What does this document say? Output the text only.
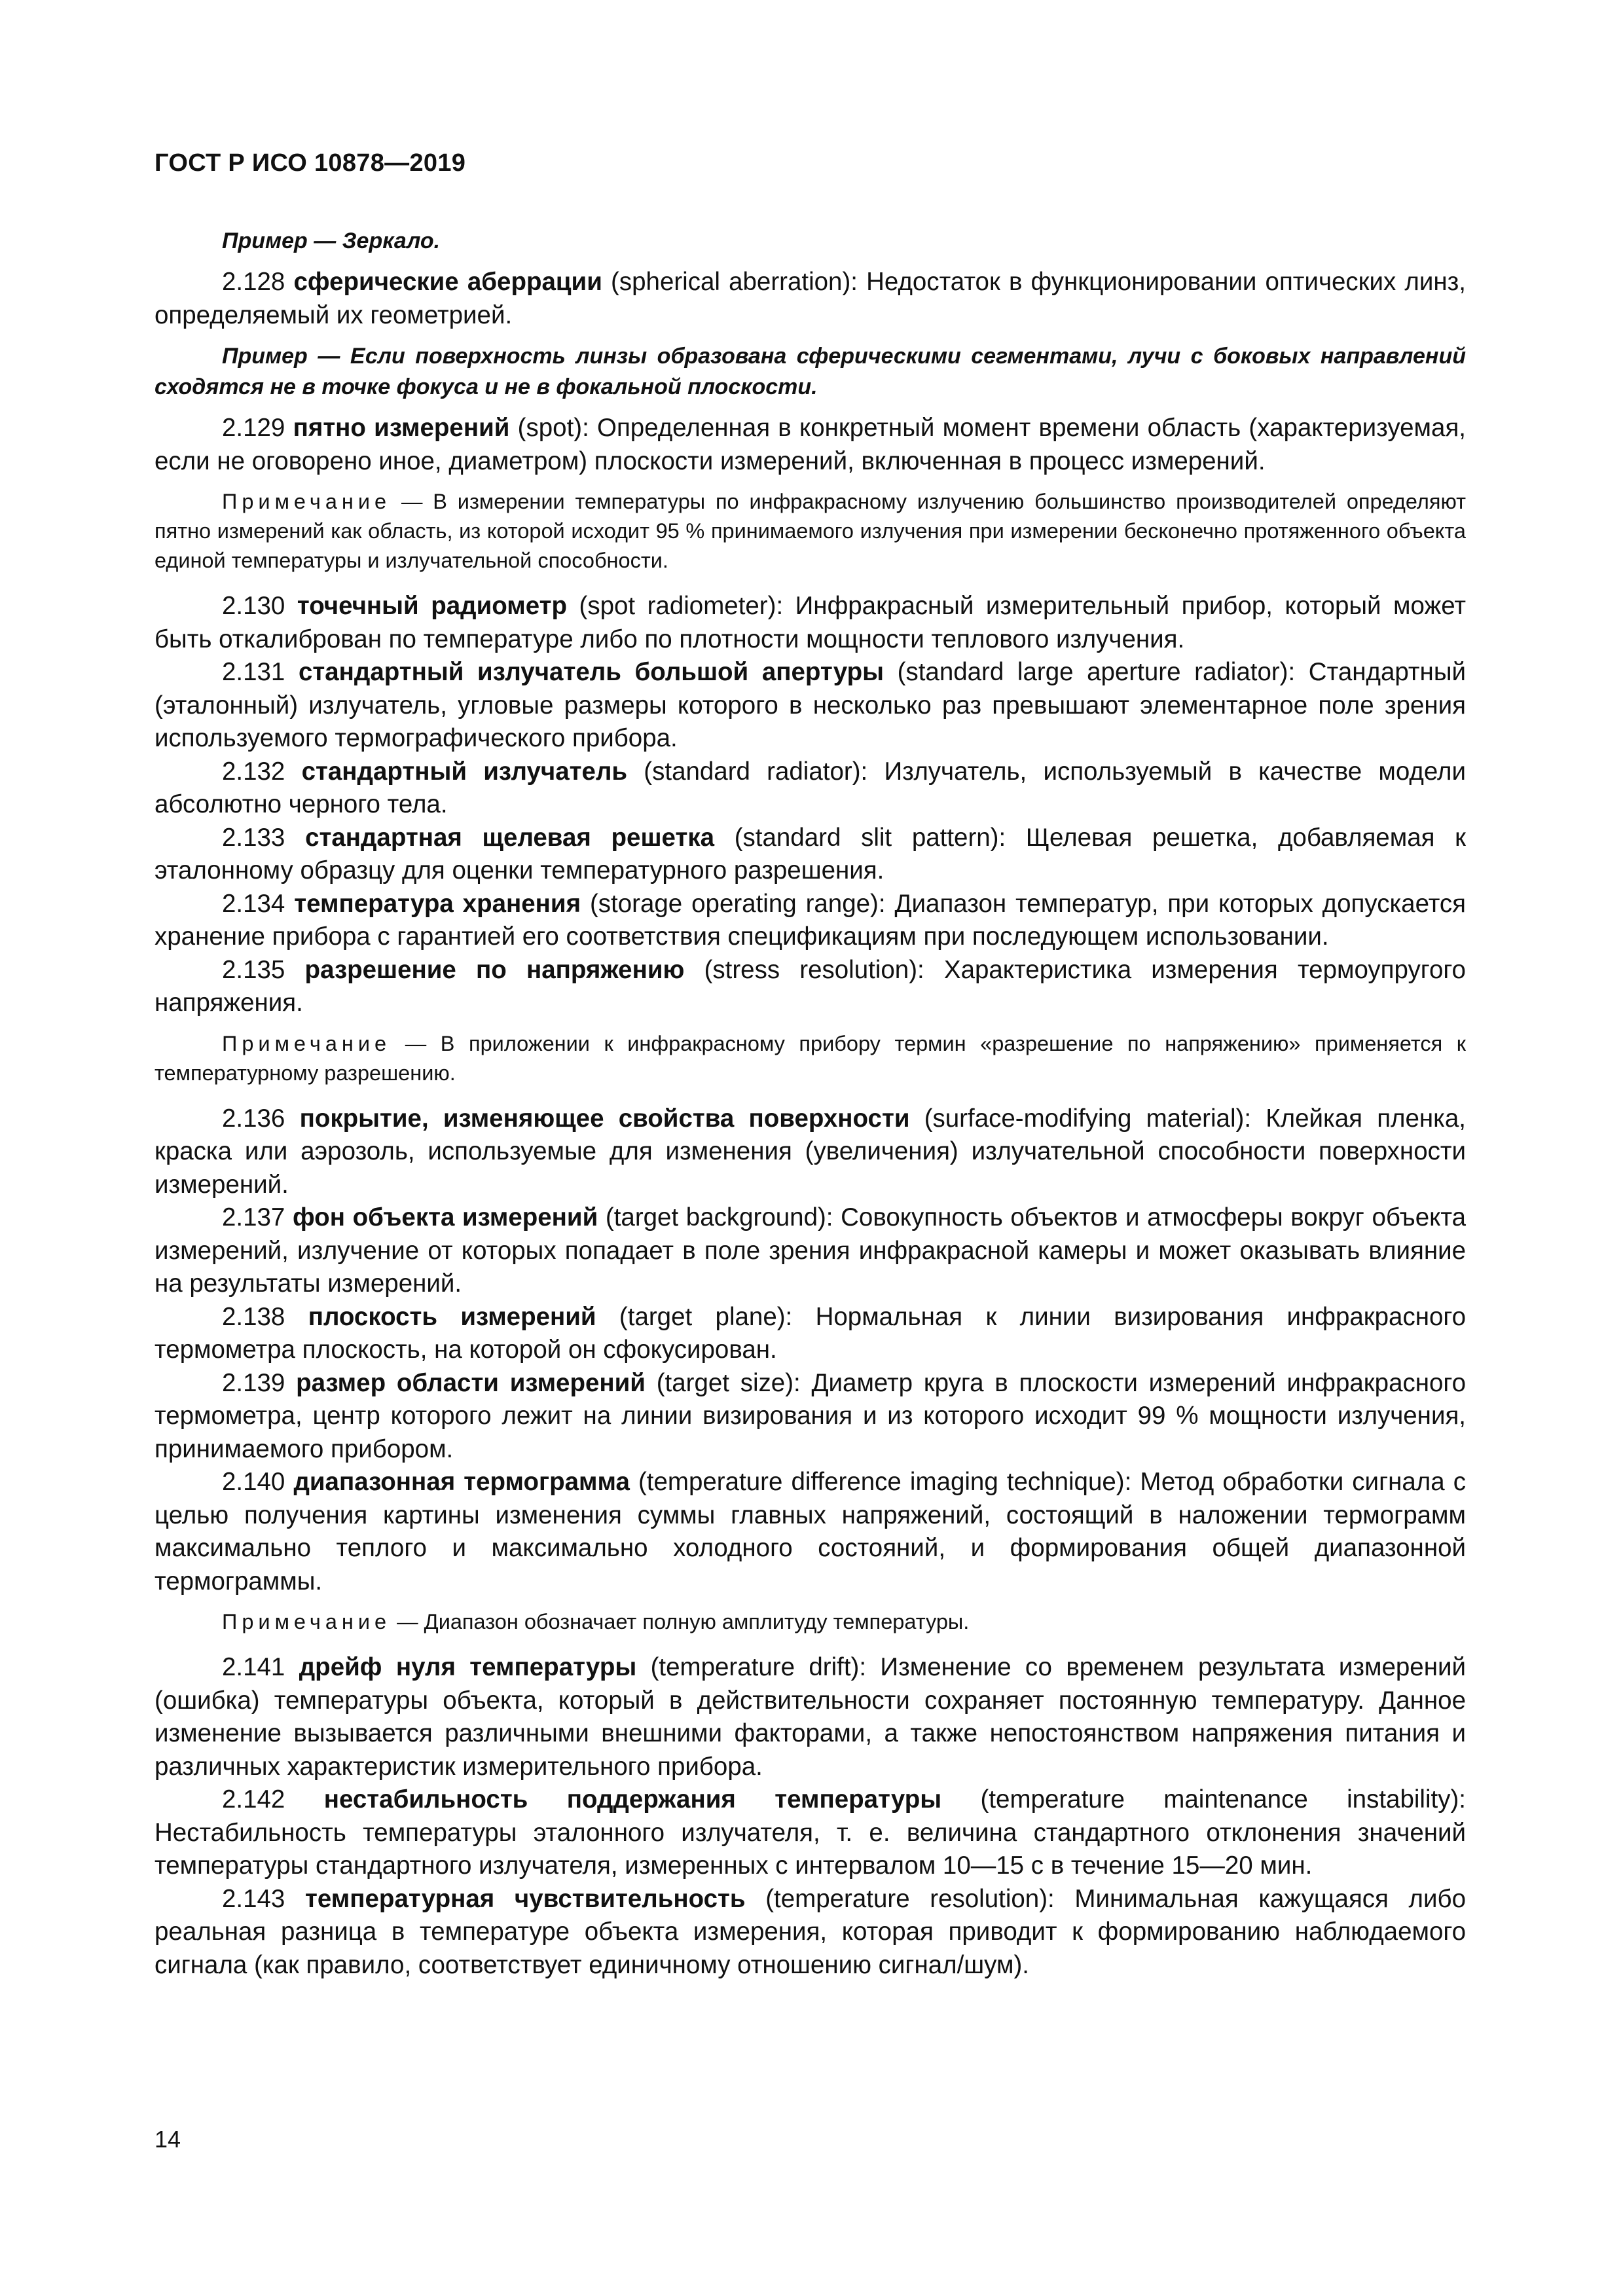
ГОСТ Р ИСО 10878—2019

Пример — Зеркало.

2.128 сферические аберрации (spherical aberration): Недостаток в функционировании оптических линз, определяемый их геометрией.

Пример — Если поверхность линзы образована сферическими сегментами, лучи с боковых направлений сходятся не в точке фокуса и не в фокальной плоскости.

2.129 пятно измерений (spot): Определенная в конкретный момент времени область (характеризуемая, если не оговорено иное, диаметром) плоскости измерений, включенная в процесс измерений.

Примечание — В измерении температуры по инфракрасному излучению большинство производителей определяют пятно измерений как область, из которой исходит 95 % принимаемого излучения при измерении бесконечно протяженного объекта единой температуры и излучательной способности.

2.130 точечный радиометр (spot radiometer): Инфракрасный измерительный прибор, который может быть откалиброван по температуре либо по плотности мощности теплового излучения.

2.131 стандартный излучатель большой апертуры (standard large aperture radiator): Стандартный (эталонный) излучатель, угловые размеры которого в несколько раз превышают элементарное поле зрения используемого термографического прибора.

2.132 стандартный излучатель (standard radiator): Излучатель, используемый в качестве модели абсолютно черного тела.

2.133 стандартная щелевая решетка (standard slit pattern): Щелевая решетка, добавляемая к эталонному образцу для оценки температурного разрешения.

2.134 температура хранения (storage operating range): Диапазон температур, при которых допускается хранение прибора с гарантией его соответствия спецификациям при последующем использовании.

2.135 разрешение по напряжению (stress resolution): Характеристика измерения термоупругого напряжения.

Примечание — В приложении к инфракрасному прибору термин «разрешение по напряжению» применяется к температурному разрешению.

2.136 покрытие, изменяющее свойства поверхности (surface-modifying material): Клейкая пленка, краска или аэрозоль, используемые для изменения (увеличения) излучательной способности поверхности измерений.

2.137 фон объекта измерений (target background): Совокупность объектов и атмосферы вокруг объекта измерений, излучение от которых попадает в поле зрения инфракрасной камеры и может оказывать влияние на результаты измерений.

2.138 плоскость измерений (target plane): Нормальная к линии визирования инфракрасного термометра плоскость, на которой он сфокусирован.

2.139 размер области измерений (target size): Диаметр круга в плоскости измерений инфракрасного термометра, центр которого лежит на линии визирования и из которого исходит 99 % мощности излучения, принимаемого прибором.

2.140 диапазонная термограмма (temperature difference imaging technique): Метод обработки сигнала с целью получения картины изменения суммы главных напряжений, состоящий в наложении термограмм максимально теплого и максимально холодного состояний, и формирования общей диапазонной термограммы.

Примечание — Диапазон обозначает полную амплитуду температуры.

2.141 дрейф нуля температуры (temperature drift): Изменение со временем результата измерений (ошибка) температуры объекта, который в действительности сохраняет постоянную температуру. Данное изменение вызывается различными внешними факторами, а также непостоянством напряжения питания и различных характеристик измерительного прибора.

2.142 нестабильность поддержания температуры (temperature maintenance instability): Нестабильность температуры эталонного излучателя, т. е. величина стандартного отклонения значений температуры стандартного излучателя, измеренных с интервалом 10—15 с в течение 15—20 мин.

2.143 температурная чувствительность (temperature resolution): Минимальная кажущаяся либо реальная разница в температуре объекта измерения, которая приводит к формированию наблюдаемого сигнала (как правило, соответствует единичному отношению сигнал/шум).

14
